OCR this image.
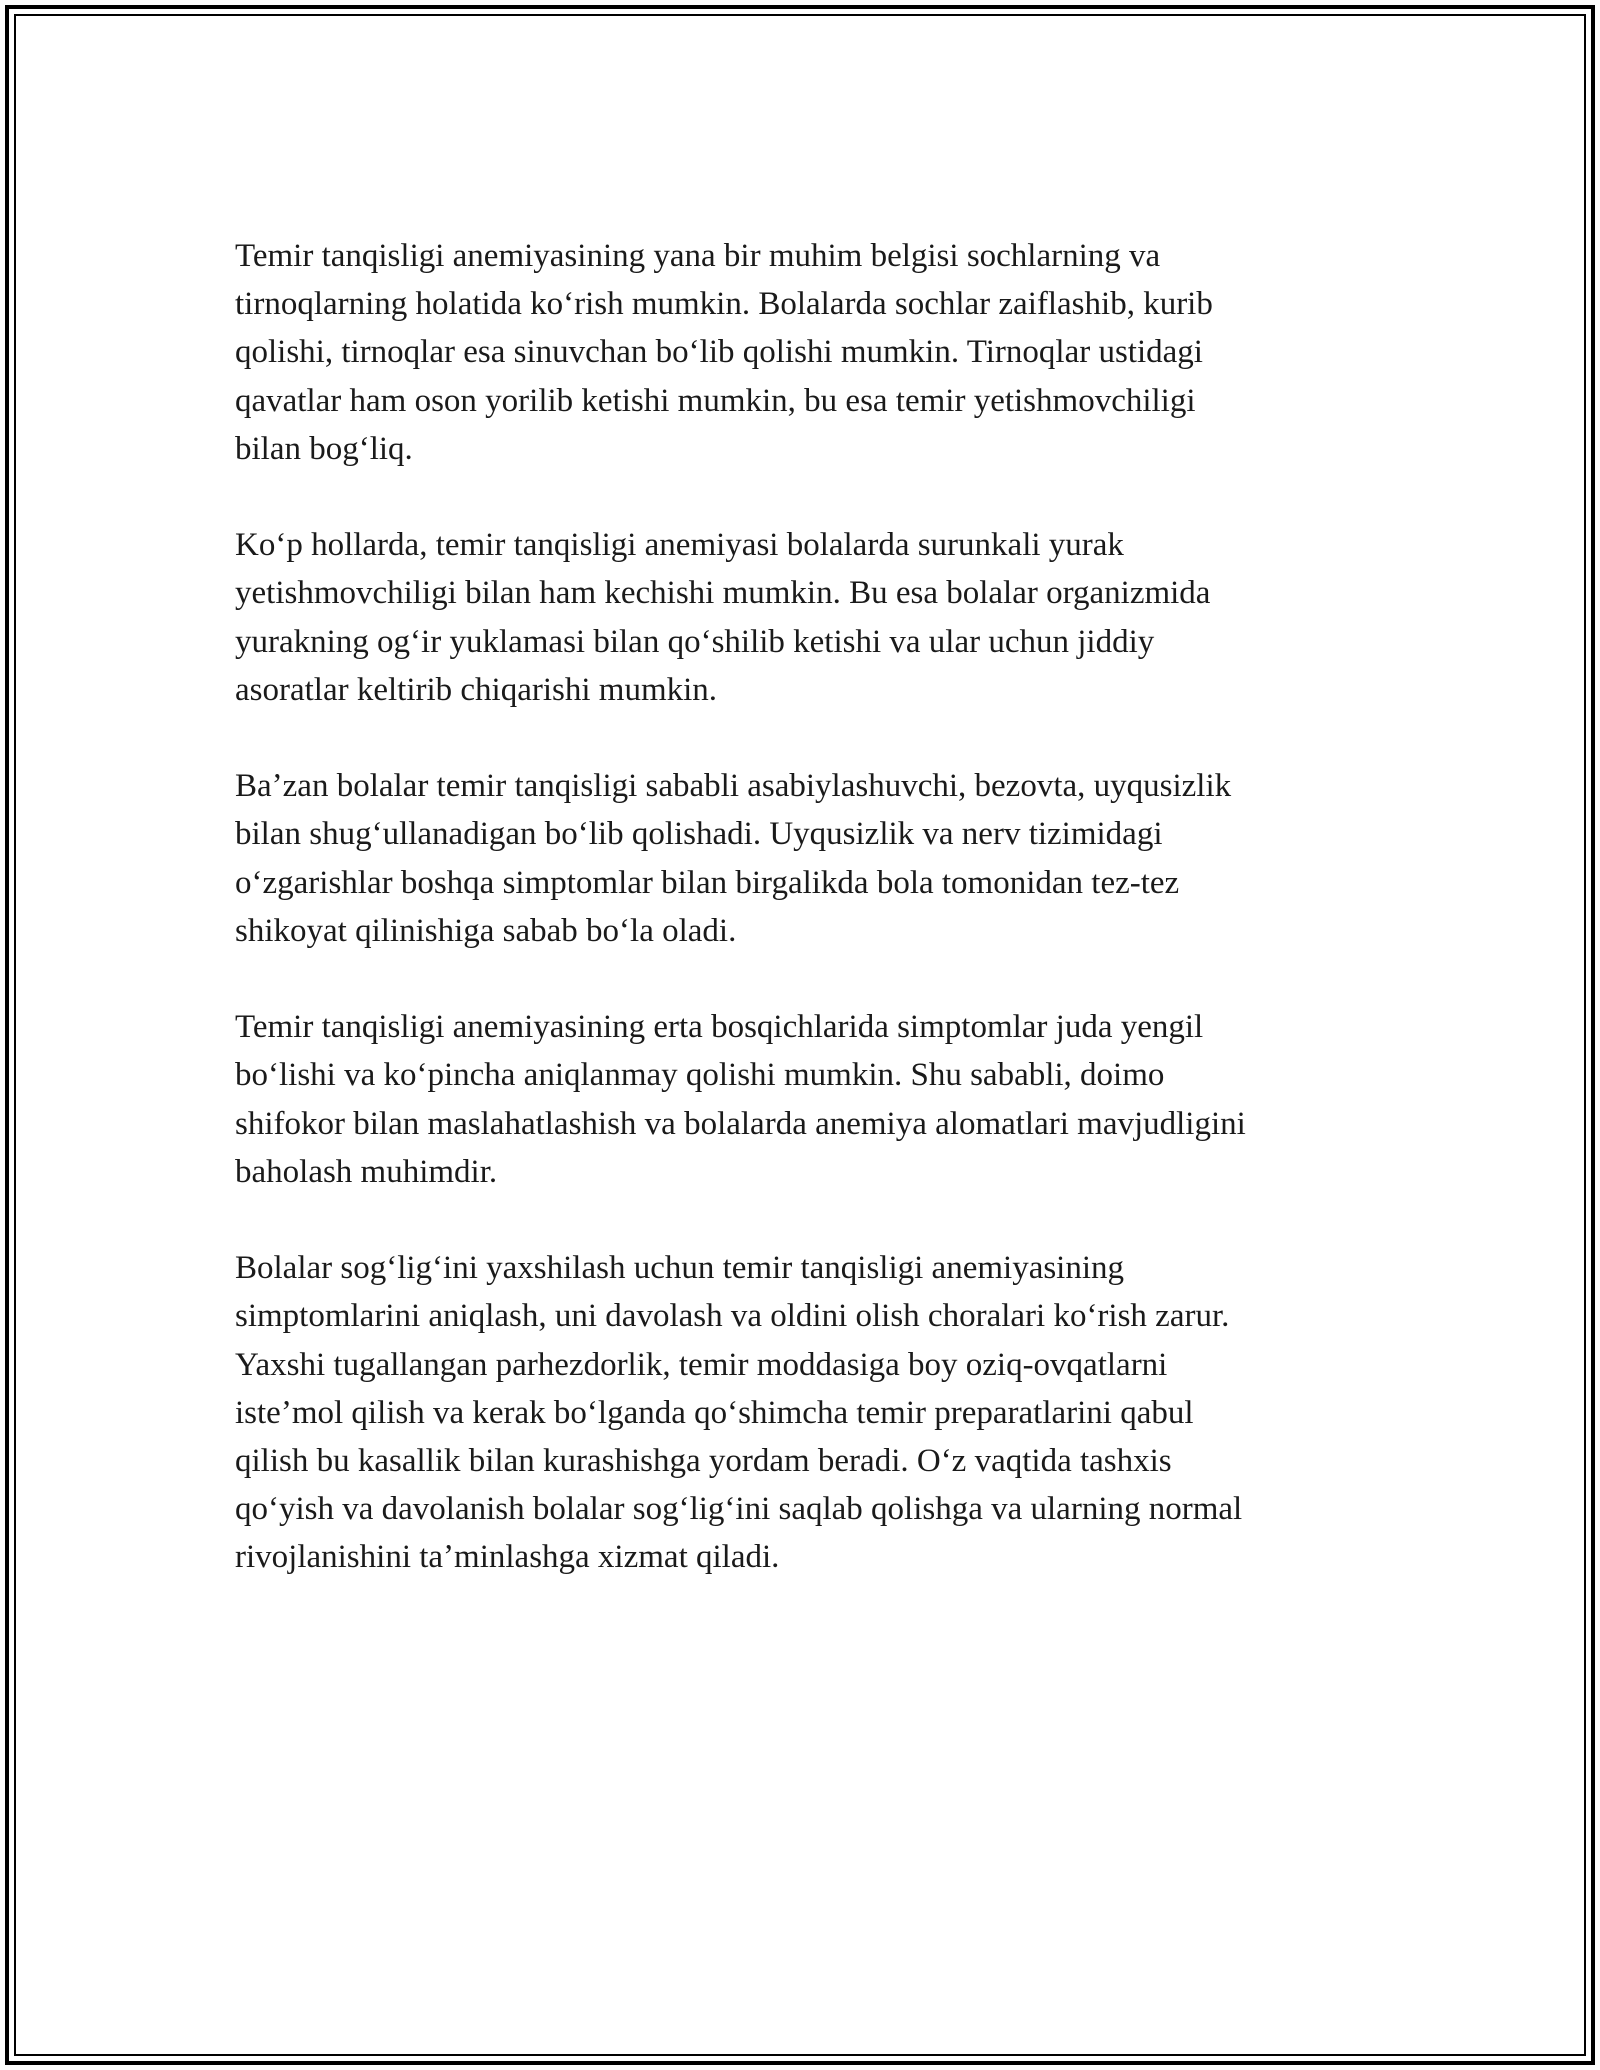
Temir tanqisligi anemiyasining yana bir muhim belgisi sochlarning va
tirnoqlarning holatida koʻrish mumkin. Bolalarda sochlar zaiflashib, kurib
qolishi, tirnoqlar esa sinuvchan boʻlib qolishi mumkin. Tirnoqlar ustidagi
qavatlar ham oson yorilib ketishi mumkin, bu esa temir yetishmovchiligi
bilan bogʻliq.

Koʻp hollarda, temir tanqisligi anemiyasi bolalarda surunkali yurak
yetishmovchiligi bilan ham kechishi mumkin. Bu esa bolalar organizmida
yurakning ogʻir yuklamasi bilan qoʻshilib ketishi va ular uchun jiddiy
asoratlar keltirib chiqarishi mumkin.

Baʼzan bolalar temir tanqisligi sababli asabiylashuvchi, bezovta, uyqusizlik
bilan shugʻullanadigan boʻlib qolishadi. Uyqusizlik va nerv tizimidagi
oʻzgarishlar boshqa simptomlar bilan birgalikda bola tomonidan tez-tez
shikoyat qilinishiga sabab boʻla oladi.

Temir tanqisligi anemiyasining erta bosqichlarida simptomlar juda yengil
boʻlishi va koʻpincha aniqlanmay qolishi mumkin. Shu sababli, doimo
shifokor bilan maslahatlashish va bolalarda anemiya alomatlari mavjudligini
baholash muhimdir.

Bolalar sogʻligʻini yaxshilash uchun temir tanqisligi anemiyasining
simptomlarini aniqlash, uni davolash va oldini olish choralari koʻrish zarur.
Yaxshi tugallangan parhezdorlik, temir moddasiga boy oziq-ovqatlarni
isteʼmol qilish va kerak boʻlganda qoʻshimcha temir preparatlarini qabul
qilish bu kasallik bilan kurashishga yordam beradi. Oʻz vaqtida tashxis
qoʻyish va davolanish bolalar sogʻligʻini saqlab qolishga va ularning normal
rivojlanishini taʼminlashga xizmat qiladi.
